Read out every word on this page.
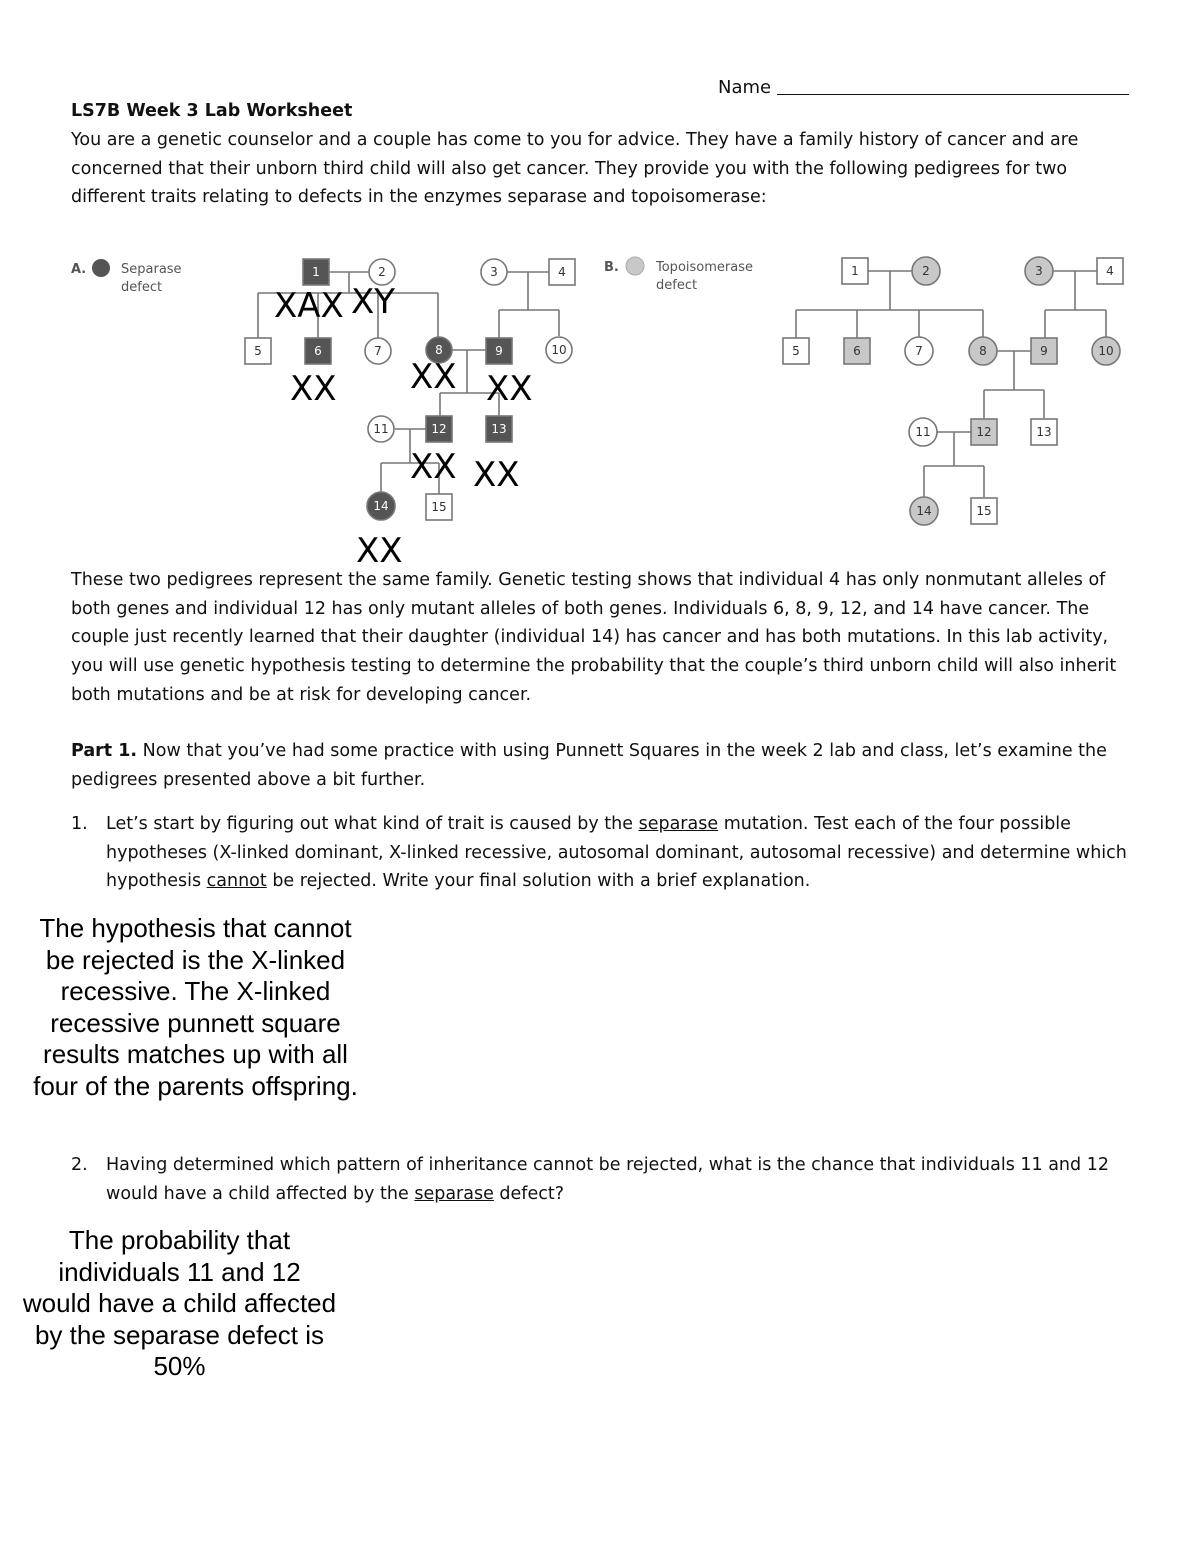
Name
LS7B Week 3 Lab Worksheet
You are a genetic counselor and a couple has come to you for advice. They have a family history of cancer and are concerned that their unborn third child will also get cancer. They provide you with the following pedigrees for two different traits relating to defects in the enzymes separase and topoisomerase:
A.	Separase
defect
1	2	3	4
5	6	7	8	9	10
11	12	13
14	15
B.	Topoisomerase
defect
1	2	3	4
5	6	7	8	9	10
11	12	13
14	15
XAX XY
XX XX XX
XX XX
XX
These two pedigrees represent the same family. Genetic testing shows that individual 4 has only nonmutant alleles of both genes and individual 12 has only mutant alleles of both genes. Individuals 6, 8, 9, 12, and 14 have cancer. The couple just recently learned that their daughter (individual 14) has cancer and has both mutations. In this lab activity, you will use genetic hypothesis testing to determine the probability that the couple’s third unborn child will also inherit both mutations and be at risk for developing cancer.
Part 1. Now that you’ve had some practice with using Punnett Squares in the week 2 lab and class, let’s examine the pedigrees presented above a bit further.
1. Let’s start by figuring out what kind of trait is caused by the separase mutation. Test each of the four possible hypotheses (X-linked dominant, X-linked recessive, autosomal dominant, autosomal recessive) and determine which hypothesis cannot be rejected. Write your final solution with a brief explanation.
The hypothesis that cannot be rejected is the X-linked recessive. The X-linked recessive punnett square results matches up with all four of the parents offspring.
2. Having determined which pattern of inheritance cannot be rejected, what is the chance that individuals 11 and 12 would have a child affected by the separase defect?
The probability that individuals 11 and 12 would have a child affected by the separase defect is 50%
